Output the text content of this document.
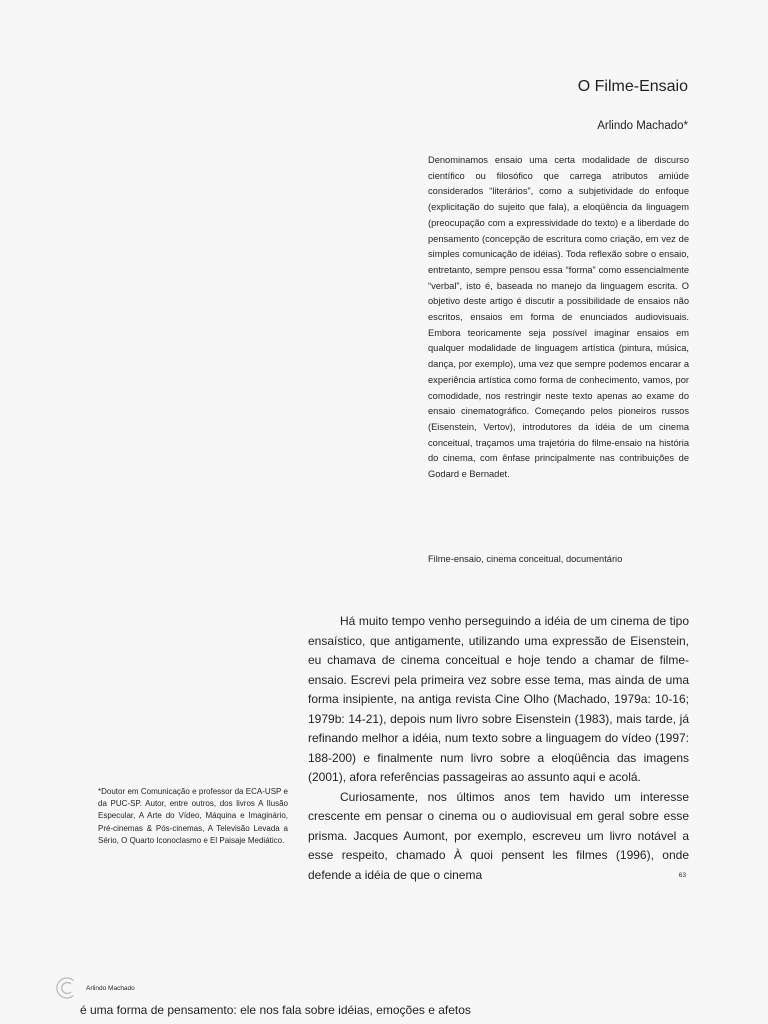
O Filme-Ensaio
Arlindo Machado*

Denominamos ensaio uma certa modalidade de discurso científico ou filosófico que carrega atributos amiúde considerados “literários”, como a subjetividade do enfoque (explicitação do sujeito que fala), a eloqüência da linguagem (preocupação com a expressividade do texto) e a liberdade do pensamento (concepção de escritura como criação, em vez de simples comunicação de idéias). Toda reflexão sobre o ensaio, entretanto, sempre pensou essa “forma” como essencialmente “verbal”, isto é, baseada no manejo da linguagem escrita. O objetivo deste artigo é discutir a possibilidade de ensaios não escritos, ensaios em forma de enunciados audiovisuais. Embora teoricamente seja possível imaginar ensaios em qualquer modalidade de linguagem artística (pintura, música, dança, por exemplo), uma vez que sempre podemos encarar a experiência artística como forma de conhecimento, vamos, por comodidade, nos restringir neste texto apenas ao exame do ensaio cinematográfico. Começando pelos pioneiros russos (Eisenstein, Vertov), introdutores da idéia de um cinema conceitual, traçamos uma trajetória do filme-ensaio na história do cinema, com ênfase principalmente nas contribuições de Godard e Bernadet.

Filme-ensaio, cinema conceitual, documentário

Há muito tempo venho perseguindo a idéia de um cinema de tipo ensaístico, que antigamente, utilizando uma expressão de Eisenstein, eu chamava de cinema conceitual e hoje tendo a chamar de filme-ensaio. Escrevi pela primeira vez sobre esse tema, mas ainda de uma forma insipiente, na antiga revista Cine Olho (Machado, 1979a: 10-16; 1979b: 14-21), depois num livro sobre Eisenstein (1983), mais tarde, já refinando melhor a idéia, num texto sobre a linguagem do vídeo (1997: 188-200) e finalmente num livro sobre a eloqüência das imagens (2001), afora referências passageiras ao assunto aqui e acolá.

Curiosamente, nos últimos anos tem havido um interesse crescente em pensar o cinema ou o audiovisual em geral sobre esse prisma. Jacques Aumont, por exemplo, escreveu um livro notável a esse respeito, chamado À quoi pensent les filmes (1996), onde defende a idéia de que o cinema

*Doutor em Comunicação e professor da ECA-USP e da PUC-SP. Autor, entre outros, dos livros A Ilusão Especular, A Arte do Vídeo, Máquina e Imaginário, Pré-cinemas & Pós-cinemas, A Televisão Levada a Sério, O Quarto Iconoclasmo e El Paisaje Mediático.

63
Arlindo Machado
é uma forma de pensamento: ele nos fala sobre idéias, emoções e afetos
